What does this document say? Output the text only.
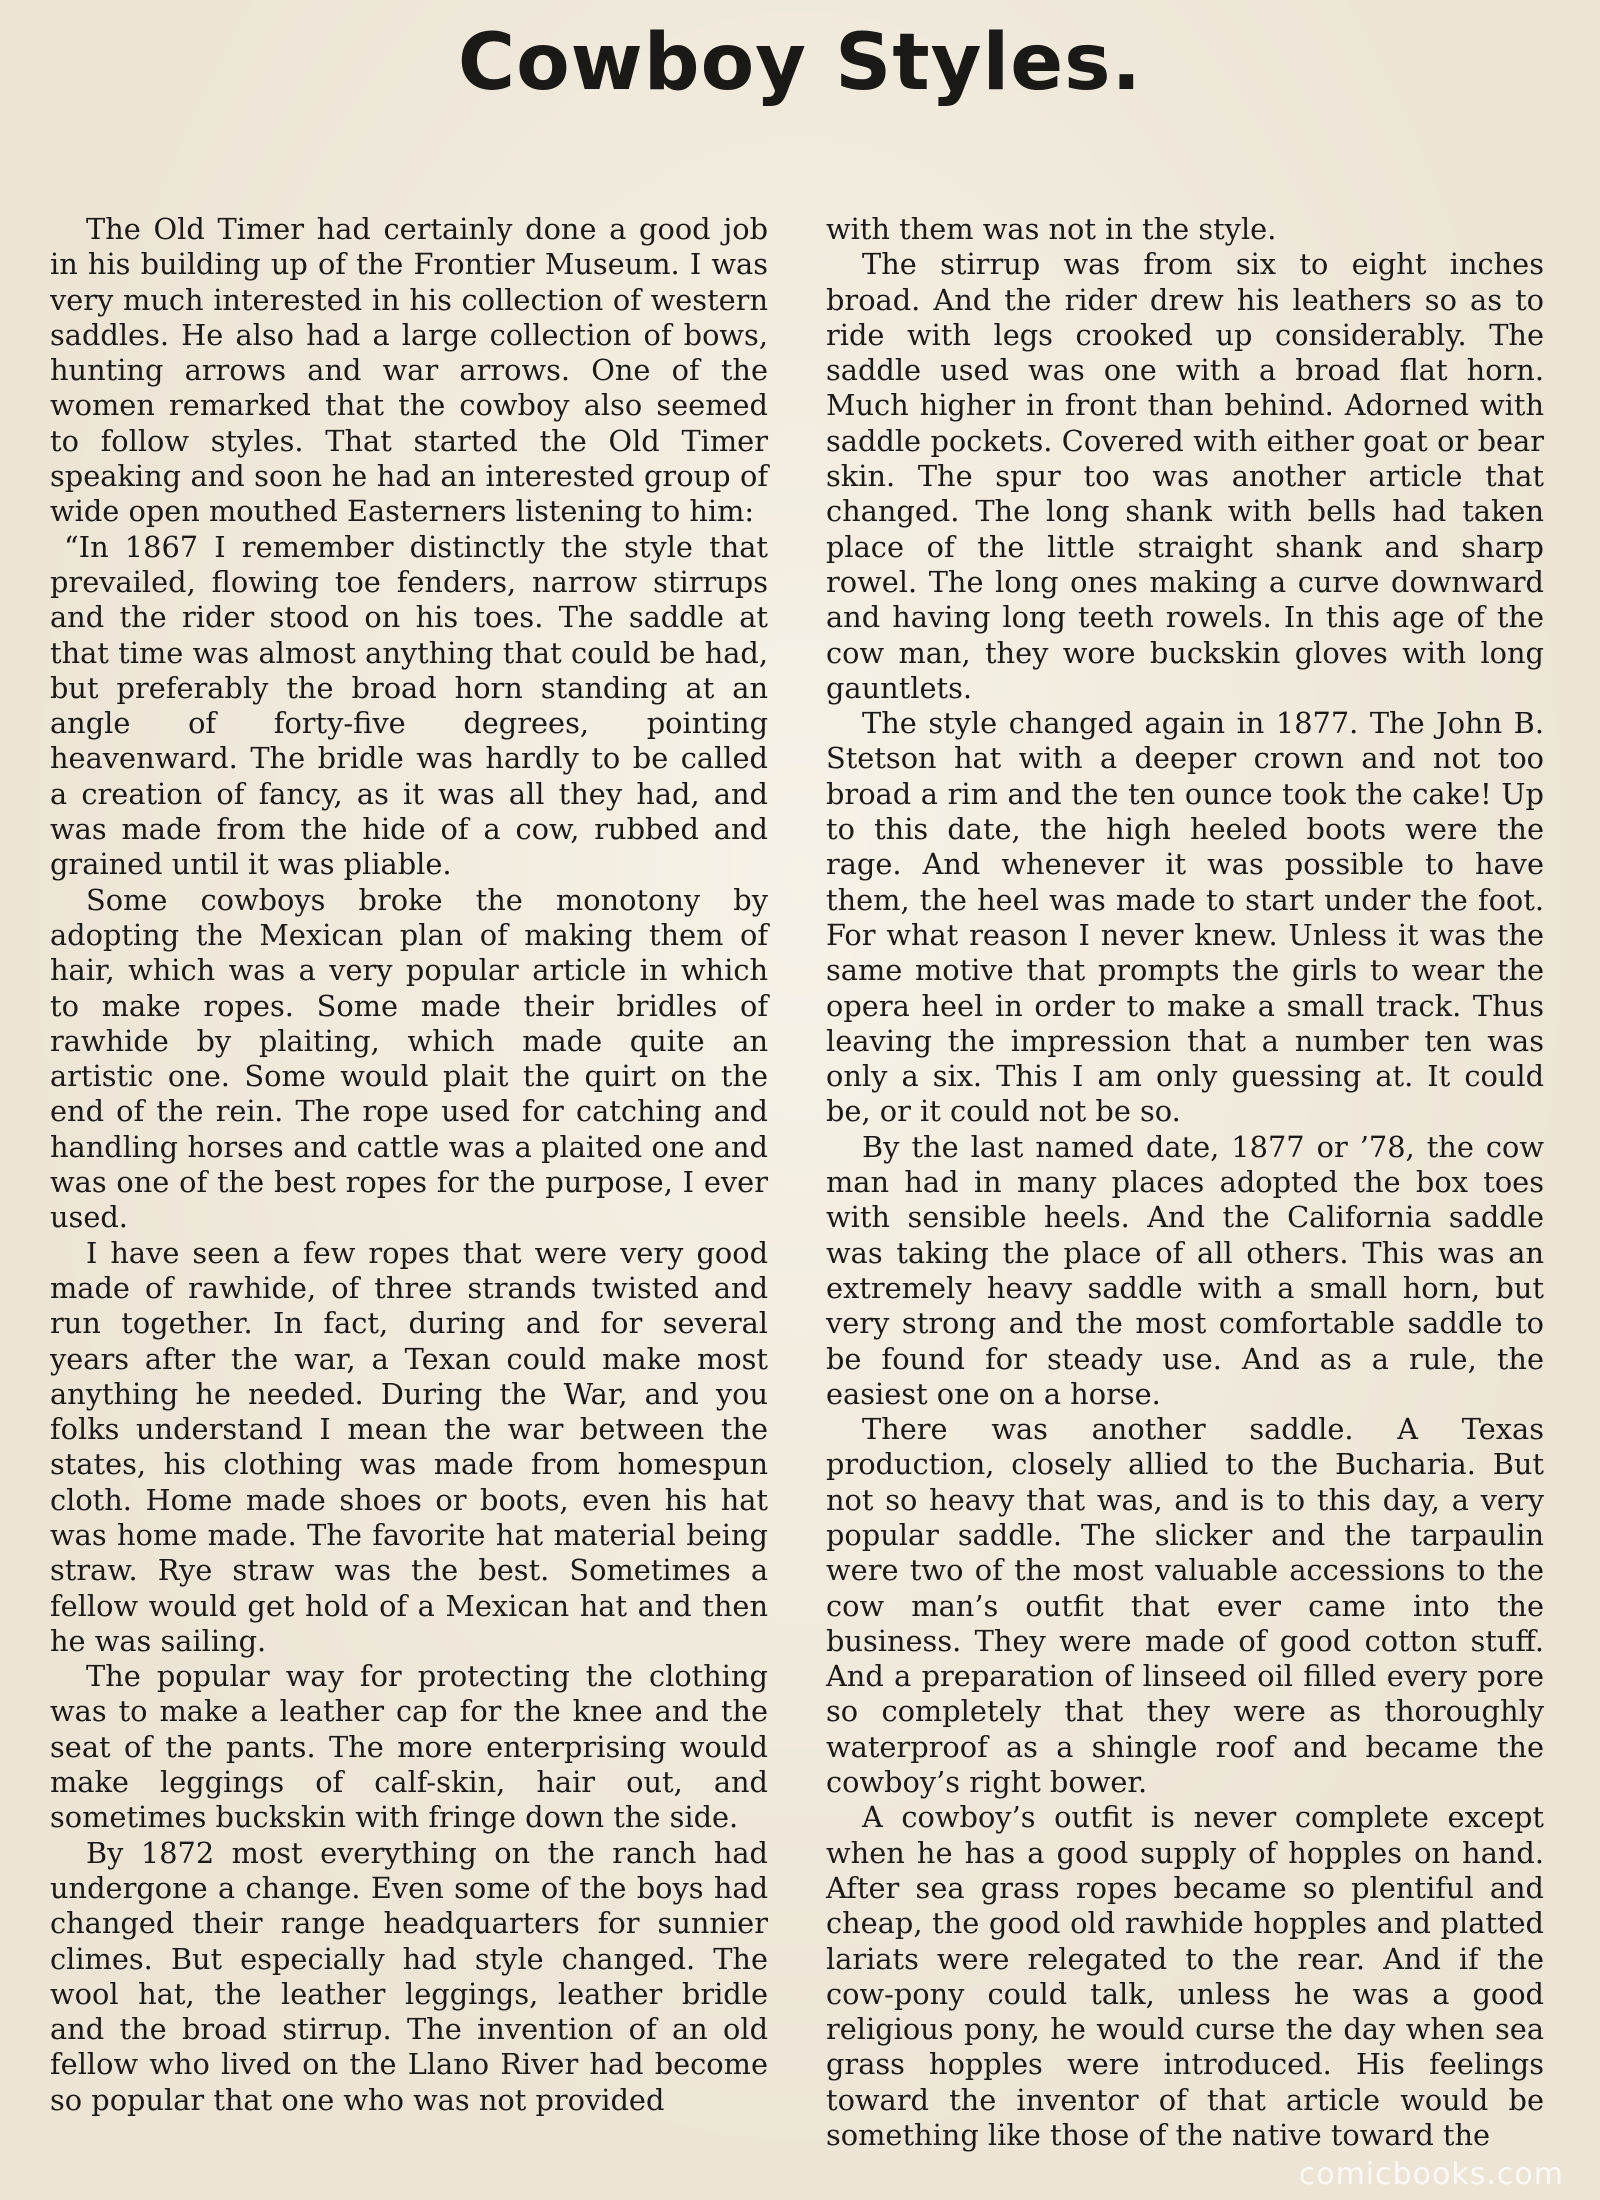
Cowboy Styles.

The Old Timer had certainly done a good job in his building up of the Frontier Museum. I was very much interested in his collection of western saddles. He also had a large collection of bows, hunting arrows and war arrows. One of the women remarked that the cowboy also seemed to follow styles. That started the Old Timer speaking and soon he had an interested group of wide open mouthed Easterners listening to him:

“In 1867 I remember distinctly the style that prevailed, flowing toe fenders, narrow stirrups and the rider stood on his toes. The saddle at that time was almost anything that could be had, but preferably the broad horn standing at an angle of forty-five degrees, pointing heavenward. The bridle was hardly to be called a creation of fancy, as it was all they had, and was made from the hide of a cow, rubbed and grained until it was pliable.

Some cowboys broke the monotony by adopting the Mexican plan of making them of hair, which was a very popular article in which to make ropes. Some made their bridles of rawhide by plaiting, which made quite an artistic one. Some would plait the quirt on the end of the rein. The rope used for catching and handling horses and cattle was a plaited one and was one of the best ropes for the purpose, I ever used.

I have seen a few ropes that were very good made of rawhide, of three strands twisted and run together. In fact, during and for several years after the war, a Texan could make most anything he needed. During the War, and you folks understand I mean the war between the states, his clothing was made from homespun cloth. Home made shoes or boots, even his hat was home made. The favorite hat material being straw. Rye straw was the best. Sometimes a fellow would get hold of a Mexican hat and then he was sailing.

The popular way for protecting the clothing was to make a leather cap for the knee and the seat of the pants. The more enterprising would make leggings of calf-skin, hair out, and sometimes buckskin with fringe down the side.

By 1872 most everything on the ranch had undergone a change. Even some of the boys had changed their range headquarters for sunnier climes. But especially had style changed. The wool hat, the leather leggings, leather bridle and the broad stirrup. The invention of an old fellow who lived on the Llano River had become so popular that one who was not provided

with them was not in the style.

The stirrup was from six to eight inches broad. And the rider drew his leathers so as to ride with legs crooked up considerably. The saddle used was one with a broad flat horn. Much higher in front than behind. Adorned with saddle pockets. Covered with either goat or bear skin. The spur too was another article that changed. The long shank with bells had taken place of the little straight shank and sharp rowel. The long ones making a curve downward and having long teeth rowels. In this age of the cow man, they wore buckskin gloves with long gauntlets.

The style changed again in 1877. The John B. Stetson hat with a deeper crown and not too broad a rim and the ten ounce took the cake! Up to this date, the high heeled boots were the rage. And whenever it was possible to have them, the heel was made to start under the foot. For what reason I never knew. Unless it was the same motive that prompts the girls to wear the opera heel in order to make a small track. Thus leaving the impression that a number ten was only a six. This I am only guessing at. It could be, or it could not be so.

By the last named date, 1877 or ’78, the cow man had in many places adopted the box toes with sensible heels. And the California saddle was taking the place of all others. This was an extremely heavy saddle with a small horn, but very strong and the most comfortable saddle to be found for steady use. And as a rule, the easiest one on a horse.

There was another saddle. A Texas production, closely allied to the Bucharia. But not so heavy that was, and is to this day, a very popular saddle. The slicker and the tarpaulin were two of the most valuable accessions to the cow man’s outfit that ever came into the business. They were made of good cotton stuff. And a preparation of linseed oil filled every pore so completely that they were as thoroughly waterproof as a shingle roof and became the cowboy’s right bower.

A cowboy’s outfit is never complete except when he has a good supply of hopples on hand. After sea grass ropes became so plentiful and cheap, the good old rawhide hopples and platted lariats were relegated to the rear. And if the cow-pony could talk, unless he was a good religious pony, he would curse the day when sea grass hopples were introduced. His feelings toward the inventor of that article would be something like those of the native toward the

comicbooks.com
